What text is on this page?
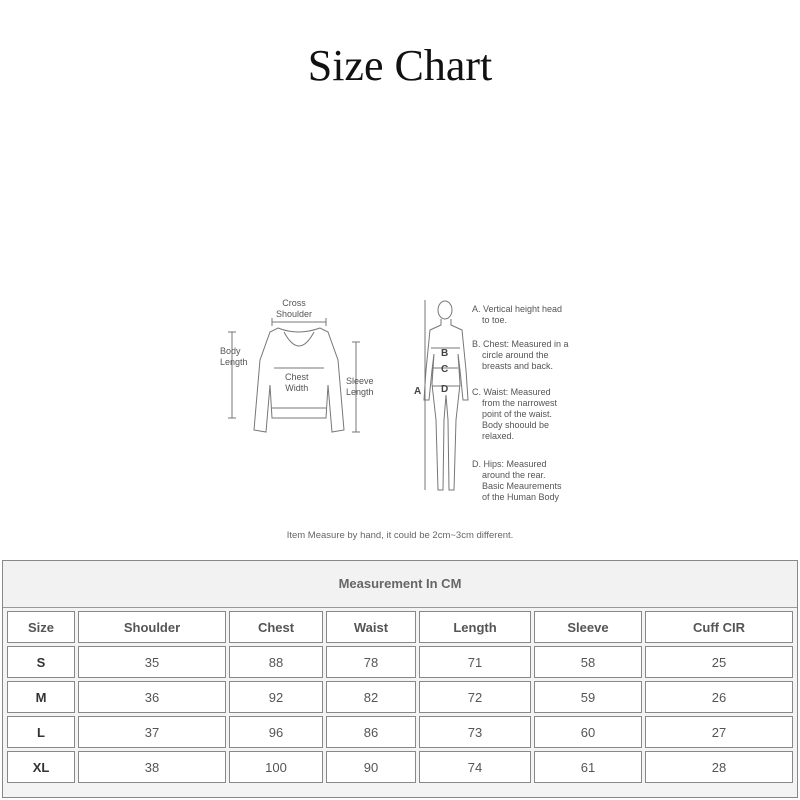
Size Chart
Cross
Shoulder
Body
Length
Chest
Width
Sleeve
Length	A
B
C
D
A. Vertical height head
to toe.
B. Chest: Measured in a
circle around the
breasts and back.
C. Waist: Measured
from the narrowest
point of the waist.
Body shoould be
relaxed.
D. Hips: Measured
around the rear.
Basic Meaurements
of the Human Body
Item Measure by hand, it could be 2cm~3cm different.
Measurement In CM
Size	Shoulder	Chest	Waist	Length	Sleeve	Cuff CIR
S	35	88	78	71	58	25
M	36	92	82	72	59	26
L	37	96	86	73	60	27
XL	38	100	90	74	61	28
